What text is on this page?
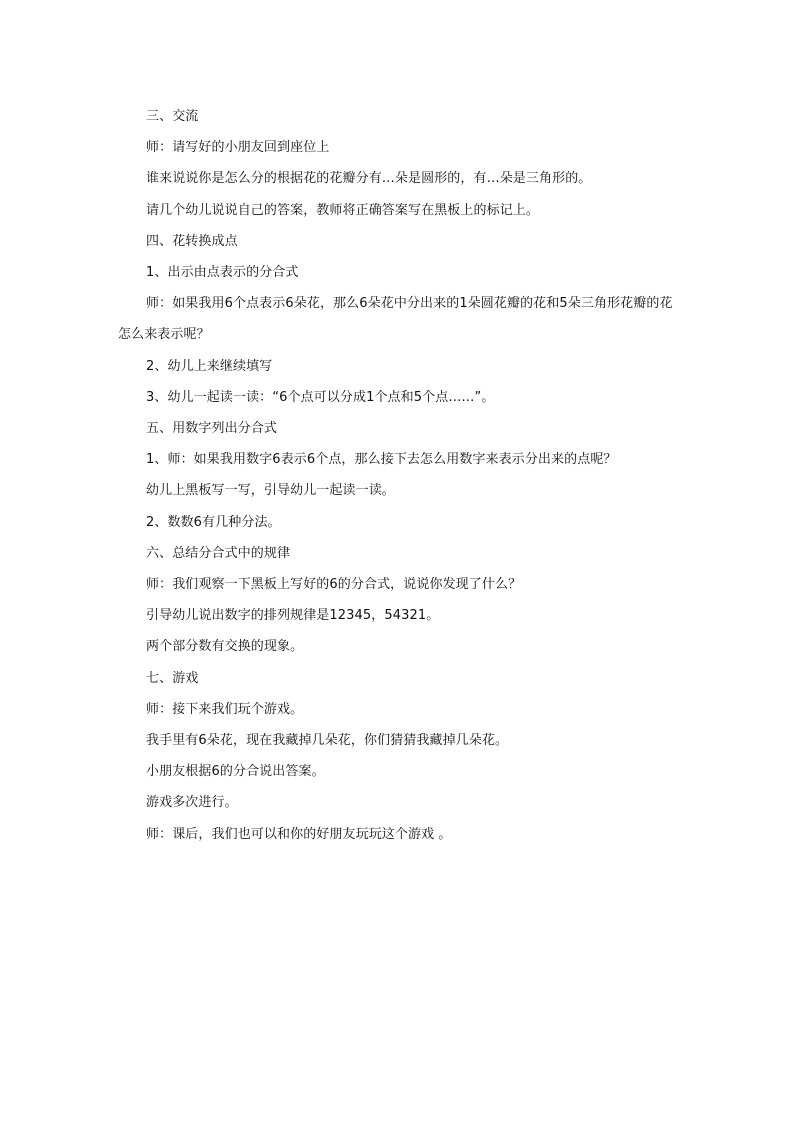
三、交流

师：请写好的小朋友回到座位上

谁来说说你是怎么分的根据花的花瓣分有…朵是圆形的，有…朵是三角形的。

请几个幼儿说说自己的答案，教师将正确答案写在黑板上的标记上。

四、花转换成点

1、出示由点表示的分合式

师：如果我用6个点表示6朵花，那么6朵花中分出来的1朵圆花瓣的花和5朵三角形花瓣的花怎么来表示呢？

2、幼儿上来继续填写

3、幼儿一起读一读：“6个点可以分成1个点和5个点……”。

五、用数字列出分合式

1、师：如果我用数字6表示6个点，那么接下去怎么用数字来表示分出来的点呢？

幼儿上黑板写一写，引导幼儿一起读一读。

2、数数6有几种分法。

六、总结分合式中的规律

师：我们观察一下黑板上写好的6的分合式，说说你发现了什么？

引导幼儿说出数字的排列规律是12345，54321。

两个部分数有交换的现象。

七、游戏

师：接下来我们玩个游戏。

我手里有6朵花，现在我藏掉几朵花，你们猜猜我藏掉几朵花。

小朋友根据6的分合说出答案。

游戏多次进行。

师：课后，我们也可以和你的好朋友玩玩这个游戏 。
